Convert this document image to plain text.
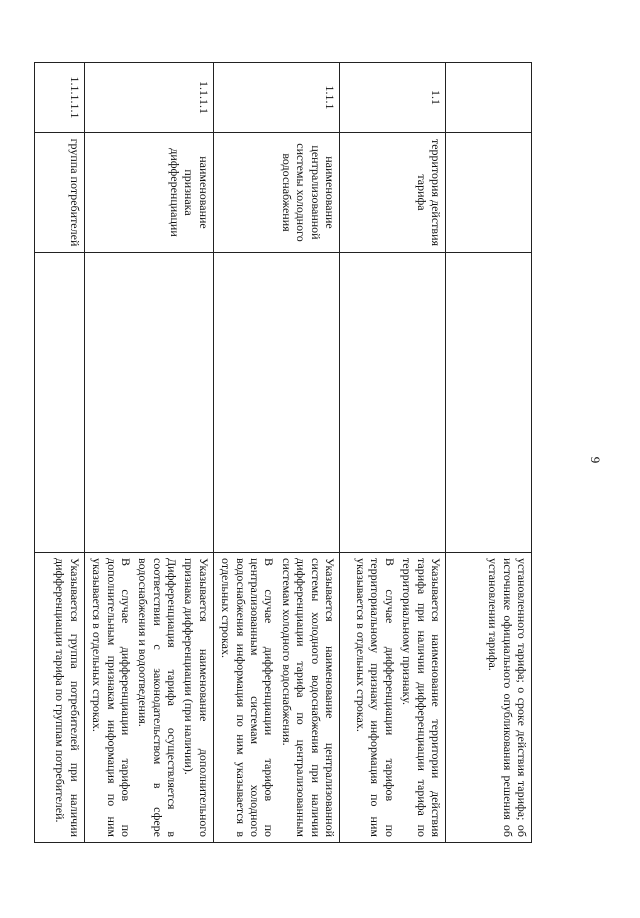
9

			установленного тарифа; о сроке действия тарифа; об источнике официального опубликования решения об установлении тарифа.

1.1	территория действия тарифа		Указывается наименование территории действия тарифа при наличии дифференциации тарифа по территориальному признаку.

В случае дифференциации тарифов по территориальному признаку информация по ним указывается в отдельных строках.

1.1.1	наименование централизованной системы холодного водоснабжения		Указывается наименование централизованной системы холодного водоснабжения при наличии дифференциации тарифа по централизованным системам холодного водоснабжения.

В случае дифференциации тарифов по централизованным системам холодного водоснабжения информация по ним указывается в отдельных строках.

1.1.1.1	наименование признака дифференциации		Указывается наименование дополнительного признака дифференциации (при наличии).

Дифференциация тарифа осуществляется в соответствии с законодательством в сфере водоснабжения и водоотведения.

В случае дифференциации тарифов по дополнительным признакам информация по ним указывается в отдельных строках.

1.1.1.1.1	группа потребителей		Указывается группа потребителей при наличии дифференциации тарифа по группам потребителей.
